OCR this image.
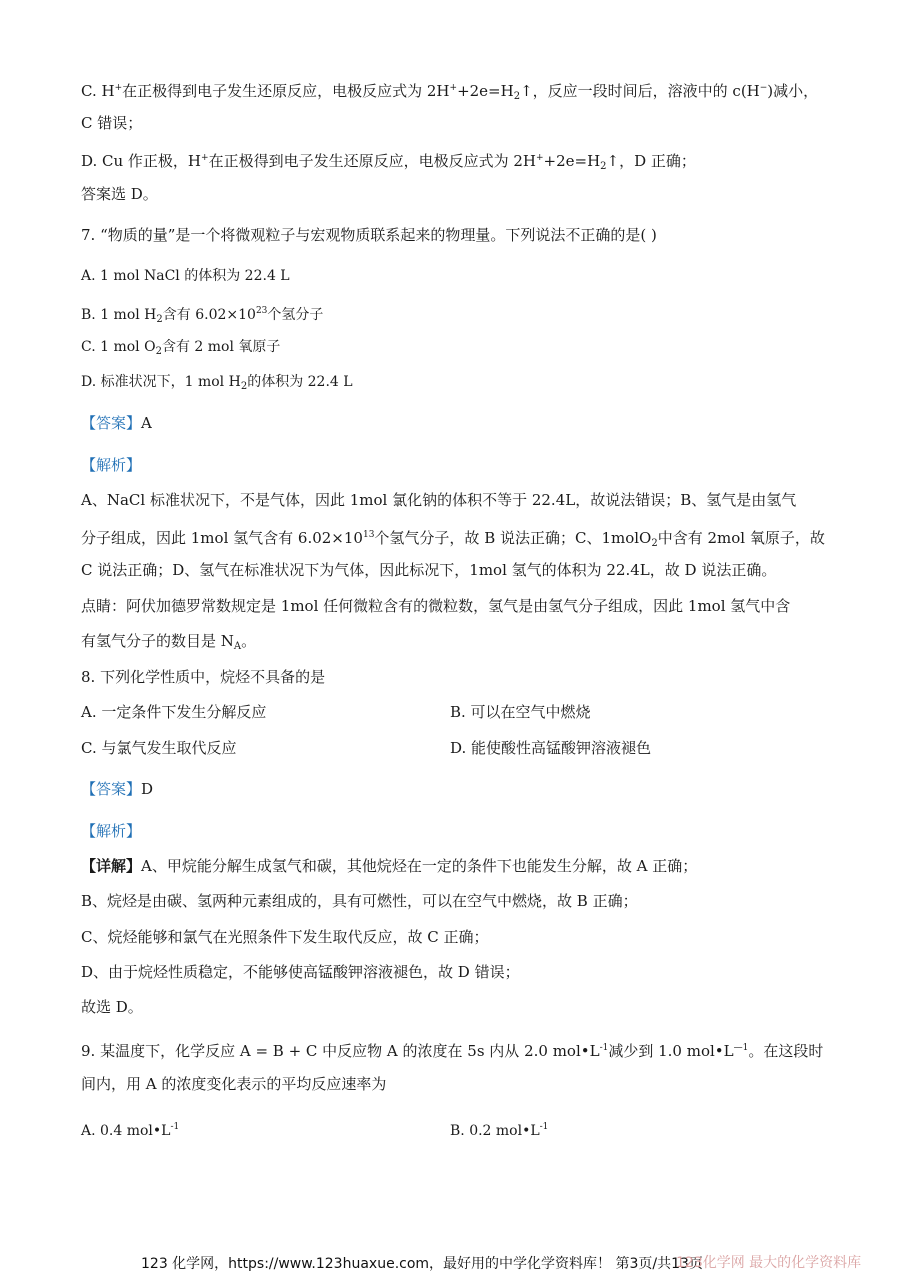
C. H+在正极得到电子发生还原反应，电极反应式为 $2H^++2e=H_2↑$，反应一段时间后，溶液中的 c(H−)减小，
C 错误；
D. Cu 作正极，H+在正极得到电子发生还原反应，电极反应式为 $2H^++2e=H_2↑$，D 正确；
答案选 D。
7. “物质的量”是一个将微观粒子与宏观物质联系起来的物理量。下列说法不正确的是( )
A. 1 mol NaCl 的体积为 22.4 L
B. 1 mol $H_2$含有 $6.02\times 10^{23}$个氢分子
C. 1 mol $O_2$含有 2 mol 氧原子
D. 标准状况下，1 mol $H_2$的体积为 22.4 L
【答案】A
【解析】
A、NaCl 标准状况下，不是气体，因此 1mol 氯化钠的体积不等于 22.4L，故说法错误；B、氢气是由氢气
分子组成，因此 1mol 氢气含有 $6.02\times 10^{13}$个氢气分子，故 B 说法正确；C、1molO$_2$中含有 2mol 氧原子，故
C 说法正确；D、氢气在标准状况下为气体，因此标况下，1mol 氢气的体积为 22.4L，故 D 说法正确。
点睛：阿伏加德罗常数规定是 1mol 任何微粒含有的微粒数，氢气是由氢气分子组成，因此 1mol 氢气中含
有氢气分子的数目是 $N_A$。
8. 下列化学性质中，烷烃不具备的是
A. 一定条件下发生分解反应	B. 可以在空气中燃烧
C. 与氯气发生取代反应	D. 能使酸性高锰酸钾溶液褪色
【答案】D
【解析】
【详解】A、甲烷能分解生成氢气和碳，其他烷烃在一定的条件下也能发生分解，故 A 正确；
B、烷烃是由碳、氢两种元素组成的，具有可燃性，可以在空气中燃烧，故 B 正确；
C、烷烃能够和氯气在光照条件下发生取代反应，故 C 正确；
D、由于烷烃性质稳定，不能够使高锰酸钾溶液褪色，故 D 错误；
故选 D。
9. 某温度下，化学反应 A = B + C 中反应物 A 的浓度在 5s 内从 2.0 $mol•L^{-1}$减少到 1.0 $mol•L^{—1}$。在这段时
间内，用 A 的浓度变化表示的平均反应速率为
A. 0.4 $mol•L^{-1}$	B. 0.2 $mol•L^{-1}$
123 化学网，https://www.123huaxue.com，最好用的中学化学资料库！ 第3页/共13页
123化学网 最大的化学资料库
